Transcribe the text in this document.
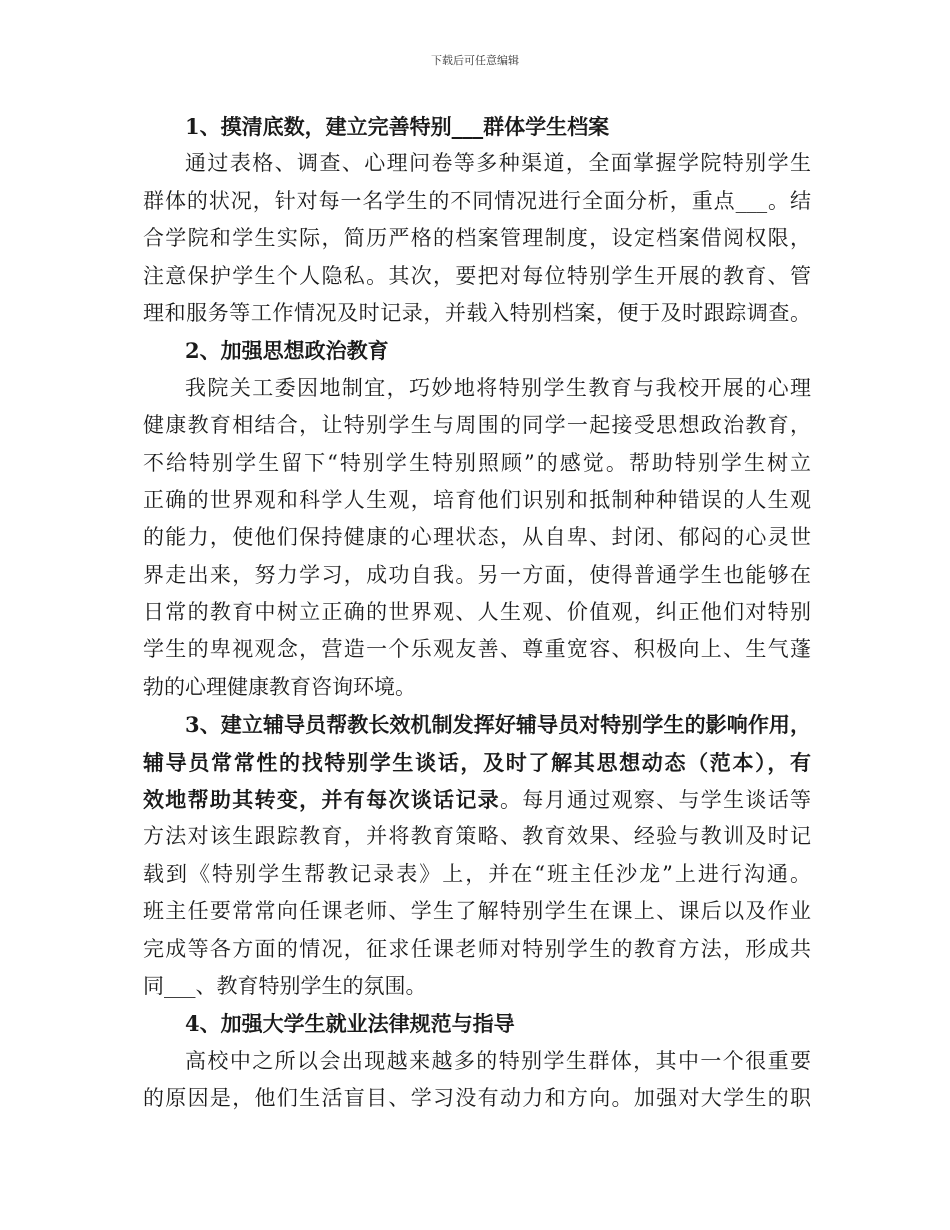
下载后可任意编辑
1、摸清底数，建立完善特别___群体学生档案
通过表格、调查、心理问卷等多种渠道，全面掌握学院特别学生
群体的状况，针对每一名学生的不同情况进行全面分析，重点___。结
合学院和学生实际，简历严格的档案管理制度，设定档案借阅权限，
注意保护学生个人隐私。其次，要把对每位特别学生开展的教育、管
理和服务等工作情况及时记录，并载入特别档案，便于及时跟踪调查。
2、加强思想政治教育
我院关工委因地制宜，巧妙地将特别学生教育与我校开展的心理
健康教育相结合，让特别学生与周围的同学一起接受思想政治教育，
不给特别学生留下“特别学生特别照顾”的感觉。帮助特别学生树立
正确的世界观和科学人生观，培育他们识别和抵制种种错误的人生观
的能力，使他们保持健康的心理状态，从自卑、封闭、郁闷的心灵世
界走出来，努力学习，成功自我。另一方面，使得普通学生也能够在
日常的教育中树立正确的世界观、人生观、价值观，纠正他们对特别
学生的卑视观念，营造一个乐观友善、尊重宽容、积极向上、生气蓬
勃的心理健康教育咨询环境。
3、建立辅导员帮教长效机制发挥好辅导员对特别学生的影响作用，
辅导员常常性的找特别学生谈话，及时了解其思想动态（范本），有
效地帮助其转变，并有每次谈话记录。每月通过观察、与学生谈话等
方法对该生跟踪教育，并将教育策略、教育效果、经验与教训及时记
载到《特别学生帮教记录表》上，并在“班主任沙龙”上进行沟通。
班主任要常常向任课老师、学生了解特别学生在课上、课后以及作业
完成等各方面的情况，征求任课老师对特别学生的教育方法，形成共
同___、教育特别学生的氛围。
4、加强大学生就业法律规范与指导
高校中之所以会出现越来越多的特别学生群体，其中一个很重要
的原因是，他们生活盲目、学习没有动力和方向。加强对大学生的职
